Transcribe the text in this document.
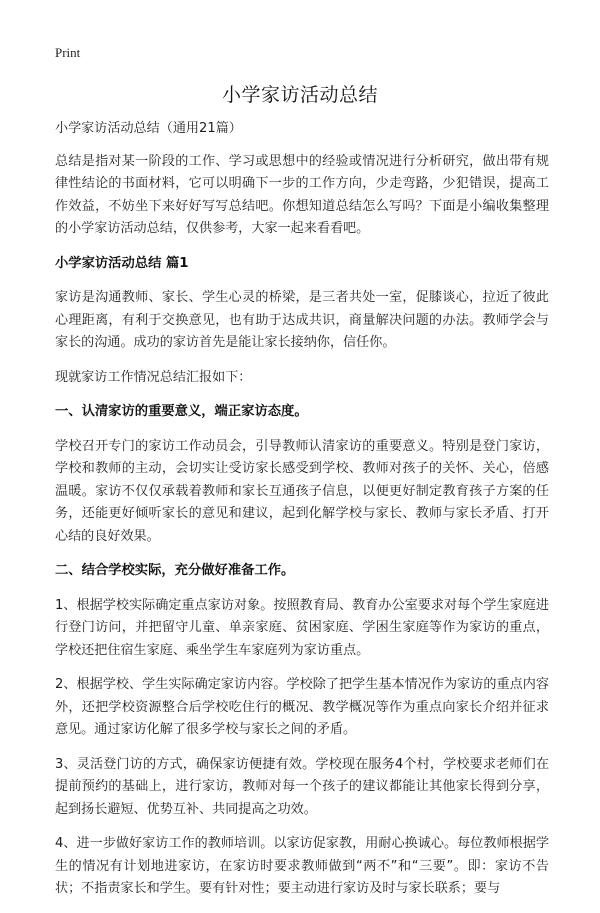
Print
小学家访活动总结

小学家访活动总结（通用21篇）

总结是指对某一阶段的工作、学习或思想中的经验或情况进行分析研究，做出带有规律性结论的书面材料，它可以明确下一步的工作方向，少走弯路，少犯错误，提高工作效益，不妨坐下来好好写写总结吧。你想知道总结怎么写吗？下面是小编收集整理的小学家访活动总结，仅供参考，大家一起来看看吧。

小学家访活动总结 篇1

家访是沟通教师、家长、学生心灵的桥梁，是三者共处一室，促膝谈心，拉近了彼此心理距离，有利于交换意见，也有助于达成共识，商量解决问题的办法。教师学会与家长的沟通。成功的家访首先是能让家长接纳你，信任你。

现就家访工作情况总结汇报如下：

一、认清家访的重要意义，端正家访态度。

学校召开专门的家访工作动员会，引导教师认清家访的重要意义。特别是登门家访，学校和教师的主动，会切实让受访家长感受到学校、教师对孩子的关怀、关心，倍感温暖。家访不仅仅承载着教师和家长互通孩子信息，以便更好制定教育孩子方案的任务，还能更好倾听家长的意见和建议，起到化解学校与家长、教师与家长矛盾、打开心结的良好效果。

二、结合学校实际，充分做好准备工作。

1、根据学校实际确定重点家访对象。按照教育局、教育办公室要求对每个学生家庭进行登门访问，并把留守儿童、单亲家庭、贫困家庭、学困生家庭等作为家访的重点，学校还把住宿生家庭、乘坐学生车家庭列为家访重点。

2、根据学校、学生实际确定家访内容。学校除了把学生基本情况作为家访的重点内容外，还把学校资源整合后学校吃住行的概况、教学概况等作为重点向家长介绍并征求意见。通过家访化解了很多学校与家长之间的矛盾。

3、灵活登门访的方式，确保家访便捷有效。学校现在服务4个村，学校要求老师们在提前预约的基础上，进行家访，教师对每一个孩子的建议都能让其他家长得到分享，起到扬长避短、优势互补、共同提高之功效。

4、进一步做好家访工作的教师培训。以家访促家教，用耐心换诚心。每位教师根据学生的情况有计划地进家访，在家访时要求教师做到“两不”和“三要”。即：家访不告状；不指责家长和学生。要有针对性；要主动进行家访及时与家长联系；要与
